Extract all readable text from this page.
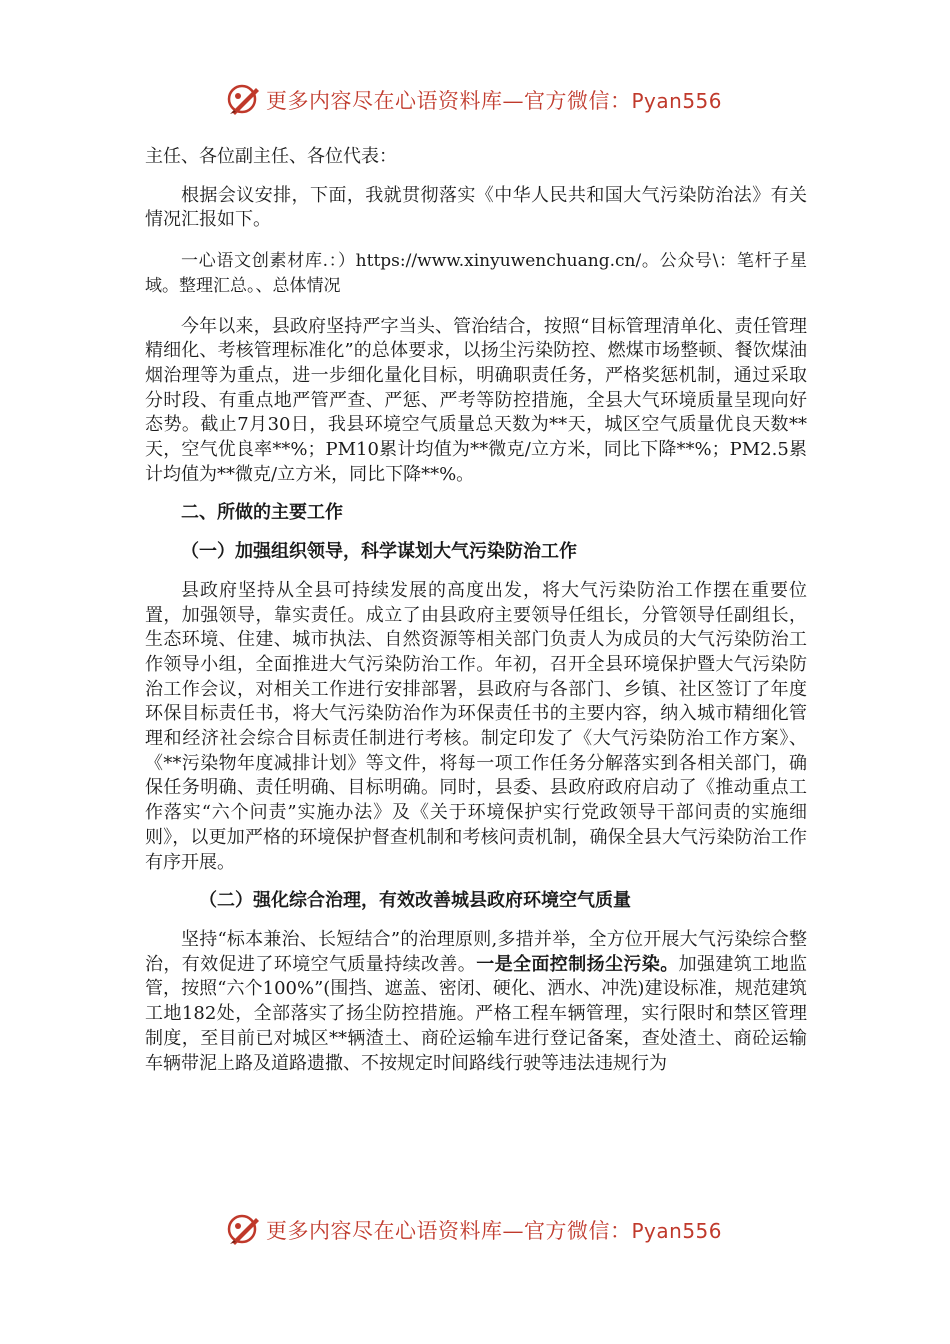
更多内容尽在心语资料库—官方微信：Pyan556

主任、各位副主任、各位代表：

根据会议安排，下面，我就贯彻落实《中华人民共和国大气污染防治法》有关情况汇报如下。

一心语文创素材库.：）https://www.xinyuwenchuang.cn/。公众号\：笔杆子星域。整理汇总。、总体情况

今年以来，县政府坚持严字当头、管治结合，按照“目标管理清单化、责任管理精细化、考核管理标准化”的总体要求，以扬尘污染防控、燃煤市场整顿、餐饮煤油烟治理等为重点，进一步细化量化目标，明确职责任务，严格奖惩机制，通过采取分时段、有重点地严管严查、严惩、严考等防控措施，全县大气环境质量呈现向好态势。截止7月30日，我县环境空气质量总天数为**天，城区空气质量优良天数**天，空气优良率**%；PM10累计均值为**微克/立方米，同比下降**%；PM2.5累计均值为**微克/立方米，同比下降**%。

二、所做的主要工作

（一）加强组织领导，科学谋划大气污染防治工作

县政府坚持从全县可持续发展的高度出发，将大气污染防治工作摆在重要位置，加强领导，靠实责任。成立了由县政府主要领导任组长，分管领导任副组长，生态环境、住建、城市执法、自然资源等相关部门负责人为成员的大气污染防治工作领导小组，全面推进大气污染防治工作。年初，召开全县环境保护暨大气污染防治工作会议，对相关工作进行安排部署，县政府与各部门、乡镇、社区签订了年度环保目标责任书，将大气污染防治作为环保责任书的主要内容，纳入城市精细化管理和经济社会综合目标责任制进行考核。制定印发了《大气污染防治工作方案》、《**污染物年度减排计划》等文件，将每一项工作任务分解落实到各相关部门，确保任务明确、责任明确、目标明确。同时，县委、县政府政府启动了《推动重点工作落实“六个问责”实施办法》及《关于环境保护实行党政领导干部问责的实施细则》，以更加严格的环境保护督查机制和考核问责机制，确保全县大气污染防治工作有序开展。

（二）强化综合治理，有效改善城县政府环境空气质量

坚持“标本兼治、长短结合”的治理原则,多措并举，全方位开展大气污染综合整治，有效促进了环境空气质量持续改善。一是全面控制扬尘污染。加强建筑工地监管，按照“六个100%”(围挡、遮盖、密闭、硬化、洒水、冲洗)建设标准，规范建筑工地182处，全部落实了扬尘防控措施。严格工程车辆管理，实行限时和禁区管理制度，至目前已对城区**辆渣土、商砼运输车进行登记备案，查处渣土、商砼运输车辆带泥上路及道路遗撒、不按规定时间路线行驶等违法违规行为

更多内容尽在心语资料库—官方微信：Pyan556
